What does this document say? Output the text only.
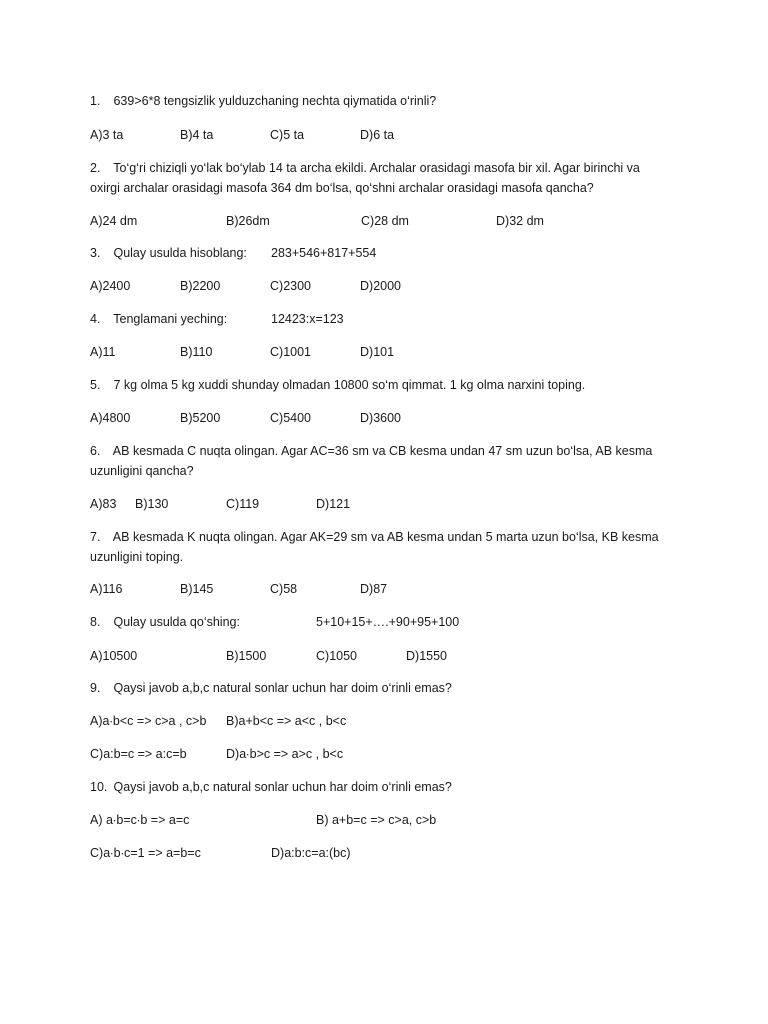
1. 639>6*8 tengsizlik yulduzchaning nechta qiymatida o‘rinli?
A)3 ta	B)4 ta	C)5 ta	D)6 ta
2. To‘g‘ri chiziqli yo‘lak bo‘ylab 14 ta archa ekildi. Archalar orasidagi masofa bir xil. Agar birinchi va
oxirgi archalar orasidagi masofa 364 dm bo‘lsa, qo‘shni archalar orasidagi masofa qancha?
A)24 dm	B)26dm	C)28 dm	D)32 dm
3. Qulay usulda hisoblang: 283+546+817+554
A)2400	B)2200	C)2300	D)2000
4. Tenglamani yeching:	12423:x=123
A)11	B)110	C)1001	D)101
5. 7 kg olma 5 kg xuddi shunday olmadan 10800 so‘m qimmat. 1 kg olma narxini toping.
A)4800	B)5200	C)5400	D)3600
6. AB kesmada C nuqta olingan. Agar AC=36 sm va CB kesma undan 47 sm uzun bo‘lsa, AB kesma
uzunligini qancha?
A)83 B)130	C)119	D)121
7. AB kesmada K nuqta olingan. Agar AK=29 sm va AB kesma undan 5 marta uzun bo‘lsa, KB kesma
uzunligini toping.
A)116	B)145	C)58	D)87
8. Qulay usulda qo‘shing:	5+10+15+….+90+95+100
A)10500	B)1500	C)1050	D)1550
9. Qaysi javob a,b,c natural sonlar uchun har doim o‘rinli emas?
A)a∙b<c => c>a , c>b B)a+b<c => a<c , b<c
C)a:b=c => a:c=b	D)a∙b>c => a>c , b<c
10. Qaysi javob a,b,c natural sonlar uchun har doim o‘rinli emas?
A) a∙b=c∙b => a=c	B) a+b=c => c>a, c>b
C)a∙b∙c=1 => a=b=c	D)a:b:c=a:(bc)
